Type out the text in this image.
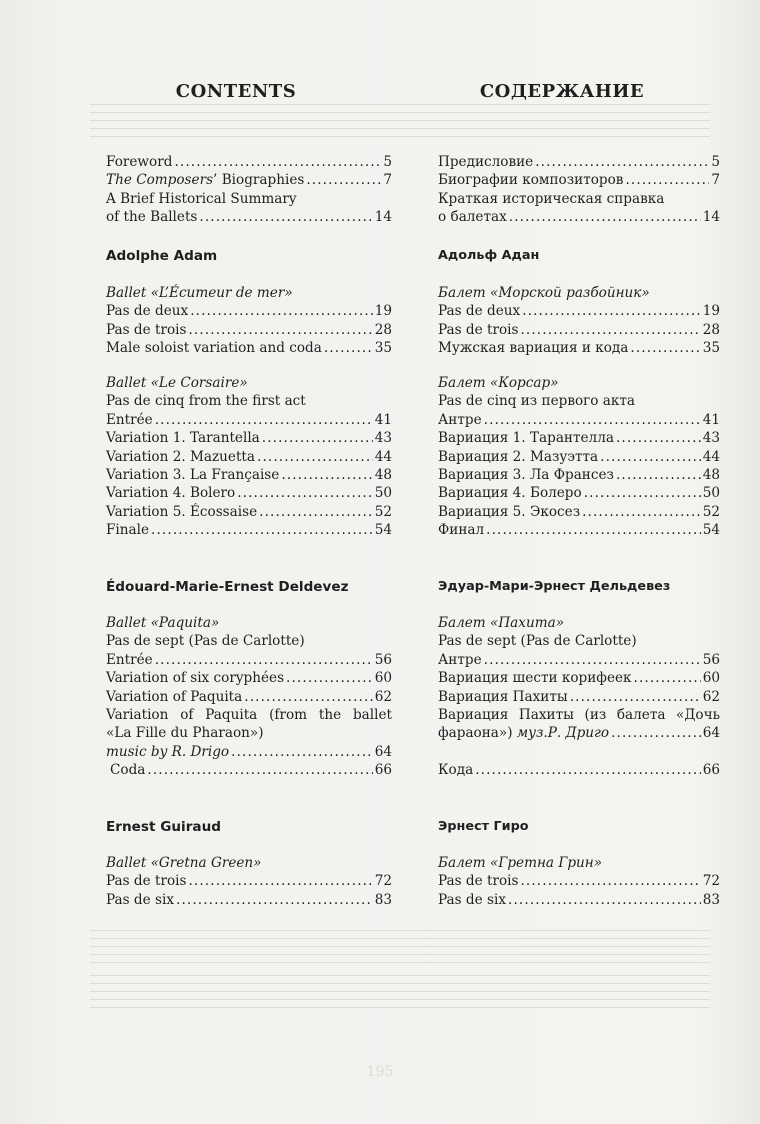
CONTENTS
Foreword . . .	5
The Composers’ Biographies . . .	7
A Brief Historical Summary
of the Ballets . . .	14
Adolphe Adam
Ballet «L’Écumeur de mer»
Pas de deux . . .	19
Pas de trois . . .	28
Male soloist variation and coda . . .	35
Ballet «Le Corsaire»
Pas de cinq from the first act
Entrée . . .	41
Variation 1. Tarantella . . .	43
Variation 2. Mazuetta . . .	44
Variation 3. La Française . . .	48
Variation 4. Bolero . . .	50
Variation 5. Écossaise . . .	52
Finale . . .	54
Édouard-Marie-Ernest Deldevez
Ballet «Paquita»
Pas de sept (Pas de Carlotte)
Entrée . . .	56
Variation of six coryphées . . .	60
Variation of Paquita . . .	62
Variation of Paquita (from the ballet
«La Fille du Pharaon»)
music by R. Drigo . . .	64
Coda . . .	66
Ernest Guiraud
Ballet «Gretna Green»
Pas de trois . . .	72
Pas de six . . .	83
СОДЕРЖАНИЕ
Предисловие . . .	5
Биографии композиторов . . .	7
Краткая историческая справка
о балетах . . .	14
Адольф Адан
Балет «Морской разбойник»
Pas de deux . . .	19
Pas de trois . . .	28
Мужская вариация и кода . . .	35
Балет «Корсар»
Pas de cinq из первого акта
Антре . . .	41
Вариация 1. Тарантелла . . .	43
Вариация 2. Мазуэтта . . .	44
Вариация 3. Ла Франсез . . .	48
Вариация 4. Болеро . . .	50
Вариация 5. Экосез . . .	52
Финал . . .	54
Эдуар-Мари-Эрнест Дельдевез
Балет «Пахита»
Pas de sept (Pas de Carlotte)
Антре . . .	56
Вариация шести корифеек . . .	60
Вариация Пахиты . . .	62
Вариация Пахиты (из балета «Дочь
фараона») муз.Р. Дриго . . .	64

Кода . . .	66
Эрнест Гиро
Балет «Гретна Грин»
Pas de trois . . .	72
Pas de six . . .	83
195
